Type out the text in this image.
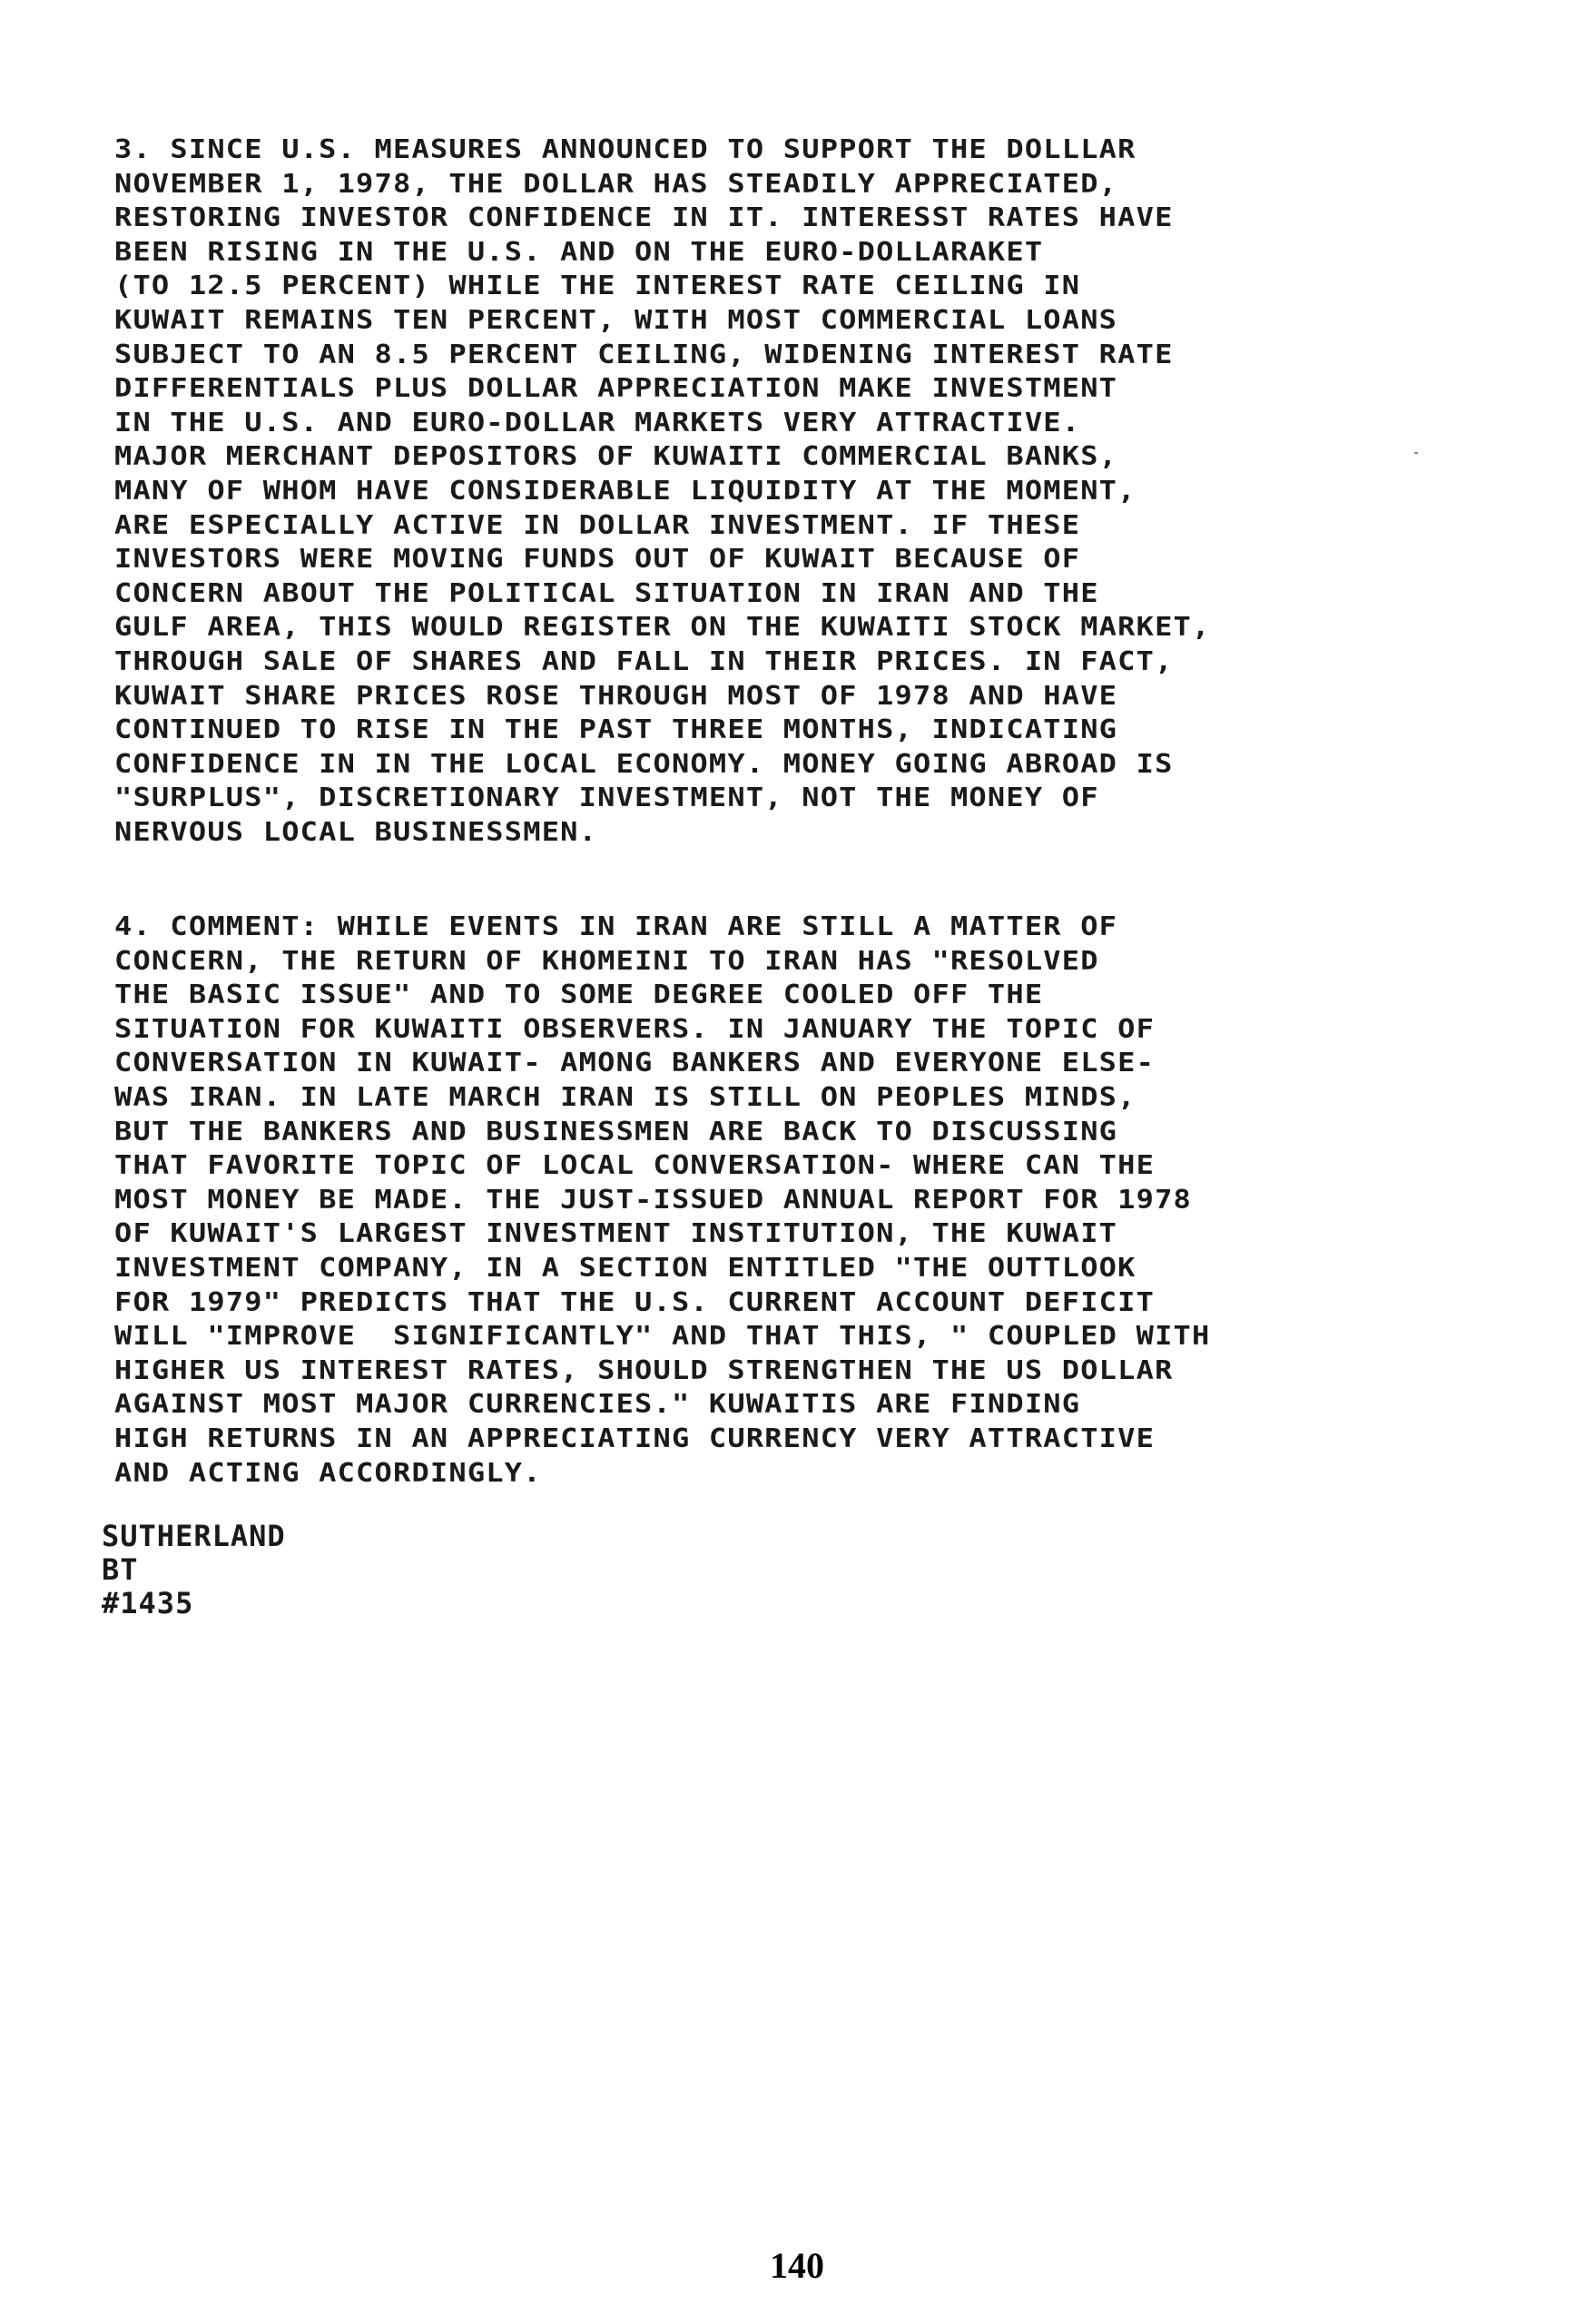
3. SINCE U.S. MEASURES ANNOUNCED TO SUPPORT THE DOLLLAR
NOVEMBER 1, 1978, THE DOLLAR HAS STEADILY APPRECIATED,
RESTORING INVESTOR CONFIDENCE IN IT. INTERESST RATES HAVE
BEEN RISING IN THE U.S. AND ON THE EURO-DOLLARAKET
(TO 12.5 PERCENT) WHILE THE INTEREST RATE CEILING IN
KUWAIT REMAINS TEN PERCENT, WITH MOST COMMERCIAL LOANS
SUBJECT TO AN 8.5 PERCENT CEILING, WIDENING INTEREST RATE
DIFFERENTIALS PLUS DOLLAR APPRECIATION MAKE INVESTMENT
IN THE U.S. AND EURO-DOLLAR MARKETS VERY ATTRACTIVE.
MAJOR MERCHANT DEPOSITORS OF KUWAITI COMMERCIAL BANKS,
MANY OF WHOM HAVE CONSIDERABLE LIQUIDITY AT THE MOMENT,
ARE ESPECIALLY ACTIVE IN DOLLAR INVESTMENT. IF THESE
INVESTORS WERE MOVING FUNDS OUT OF KUWAIT BECAUSE OF
CONCERN ABOUT THE POLITICAL SITUATION IN IRAN AND THE
GULF AREA, THIS WOULD REGISTER ON THE KUWAITI STOCK MARKET,
THROUGH SALE OF SHARES AND FALL IN THEIR PRICES. IN FACT,
KUWAIT SHARE PRICES ROSE THROUGH MOST OF 1978 AND HAVE
CONTINUED TO RISE IN THE PAST THREE MONTHS, INDICATING
CONFIDENCE IN IN THE LOCAL ECONOMY. MONEY GOING ABROAD IS
"SURPLUS", DISCRETIONARY INVESTMENT, NOT THE MONEY OF
NERVOUS LOCAL BUSINESSMEN.
4. COMMENT: WHILE EVENTS IN IRAN ARE STILL A MATTER OF
CONCERN, THE RETURN OF KHOMEINI TO IRAN HAS "RESOLVED
THE BASIC ISSUE" AND TO SOME DEGREE COOLED OFF THE
SITUATION FOR KUWAITI OBSERVERS. IN JANUARY THE TOPIC OF
CONVERSATION IN KUWAIT- AMONG BANKERS AND EVERYONE ELSE-
WAS IRAN. IN LATE MARCH IRAN IS STILL ON PEOPLES MINDS,
BUT THE BANKERS AND BUSINESSMEN ARE BACK TO DISCUSSING
THAT FAVORITE TOPIC OF LOCAL CONVERSATION- WHERE CAN THE
MOST MONEY BE MADE. THE JUST-ISSUED ANNUAL REPORT FOR 1978
OF KUWAIT'S LARGEST INVESTMENT INSTITUTION, THE KUWAIT
INVESTMENT COMPANY, IN A SECTION ENTITLED "THE OUTTLOOK
FOR 1979" PREDICTS THAT THE U.S. CURRENT ACCOUNT DEFICIT
WILL "IMPROVE  SIGNIFICANTLY" AND THAT THIS, " COUPLED WITH
HIGHER US INTEREST RATES, SHOULD STRENGTHEN THE US DOLLAR
AGAINST MOST MAJOR CURRENCIES." KUWAITIS ARE FINDING
HIGH RETURNS IN AN APPRECIATING CURRENCY VERY ATTRACTIVE
AND ACTING ACCORDINGLY.
SUTHERLAND
BT
#1435
140
